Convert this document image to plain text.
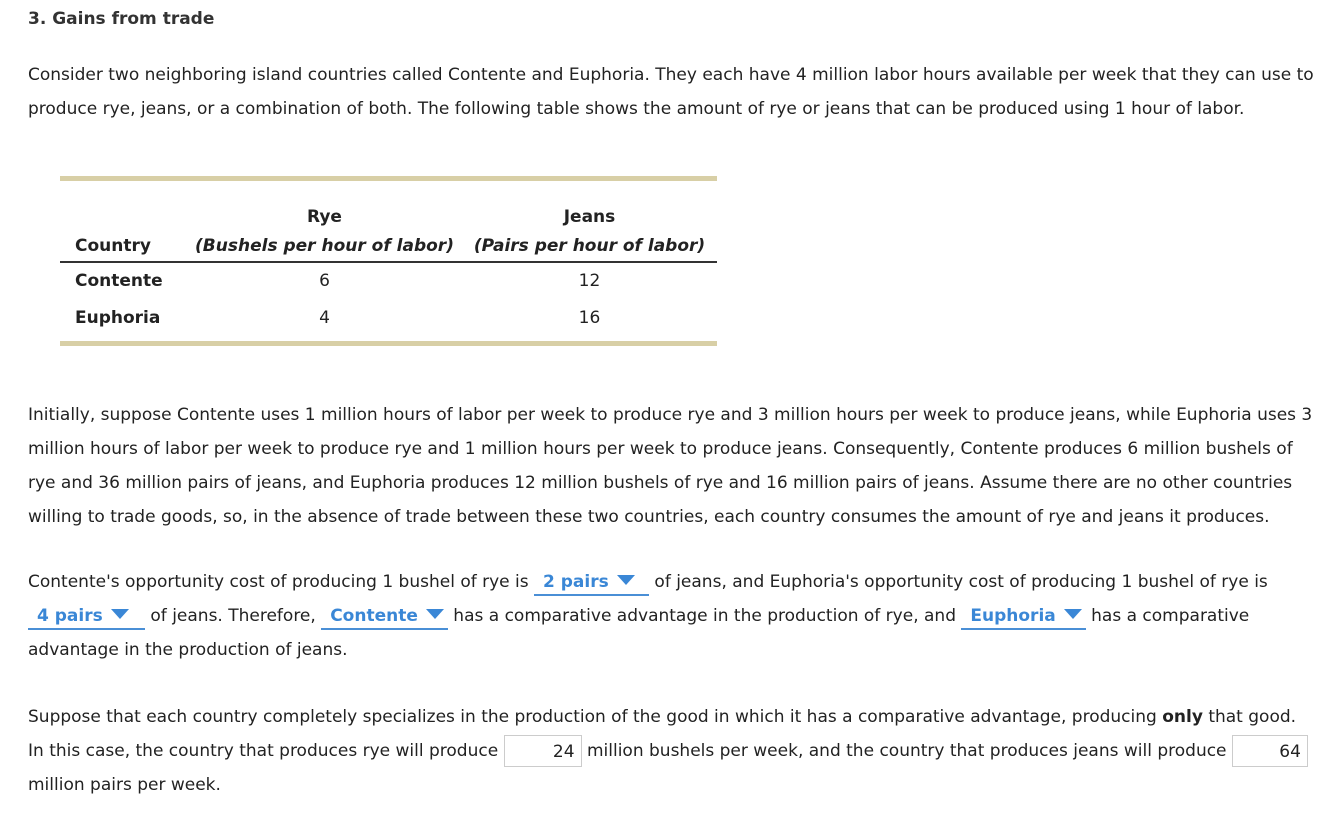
3. Gains from trade
Consider two neighboring island countries called Contente and Euphoria. They each have 4 million labor hours available per week that they can use to produce rye, jeans, or a combination of both. The following table shows the amount of rye or jeans that can be produced using 1 hour of labor.
	Rye	Jeans
Country	(Bushels per hour of labor)	(Pairs per hour of labor)
Contente	6	12
Euphoria	4	16
Initially, suppose Contente uses 1 million hours of labor per week to produce rye and 3 million hours per week to produce jeans, while Euphoria uses 3 million hours of labor per week to produce rye and 1 million hours per week to produce jeans. Consequently, Contente produces 6 million bushels of rye and 36 million pairs of jeans, and Euphoria produces 12 million bushels of rye and 16 million pairs of jeans. Assume there are no other countries willing to trade goods, so, in the absence of trade between these two countries, each country consumes the amount of rye and jeans it produces.
Contente's opportunity cost of producing 1 bushel of rye is 2 pairs	of jeans, and Euphoria's opportunity cost of producing 1 bushel of rye is 4 pairs	of jeans. Therefore, Contente has a comparative advantage in the production of rye, and Euphoria has a comparative advantage in the production of jeans.
Suppose that each country completely specializes in the production of the good in which it has a comparative advantage, producing only that good. In this case, the country that produces rye will produce	24 million bushels per week, and the country that produces jeans will produce	64 million pairs per week.
